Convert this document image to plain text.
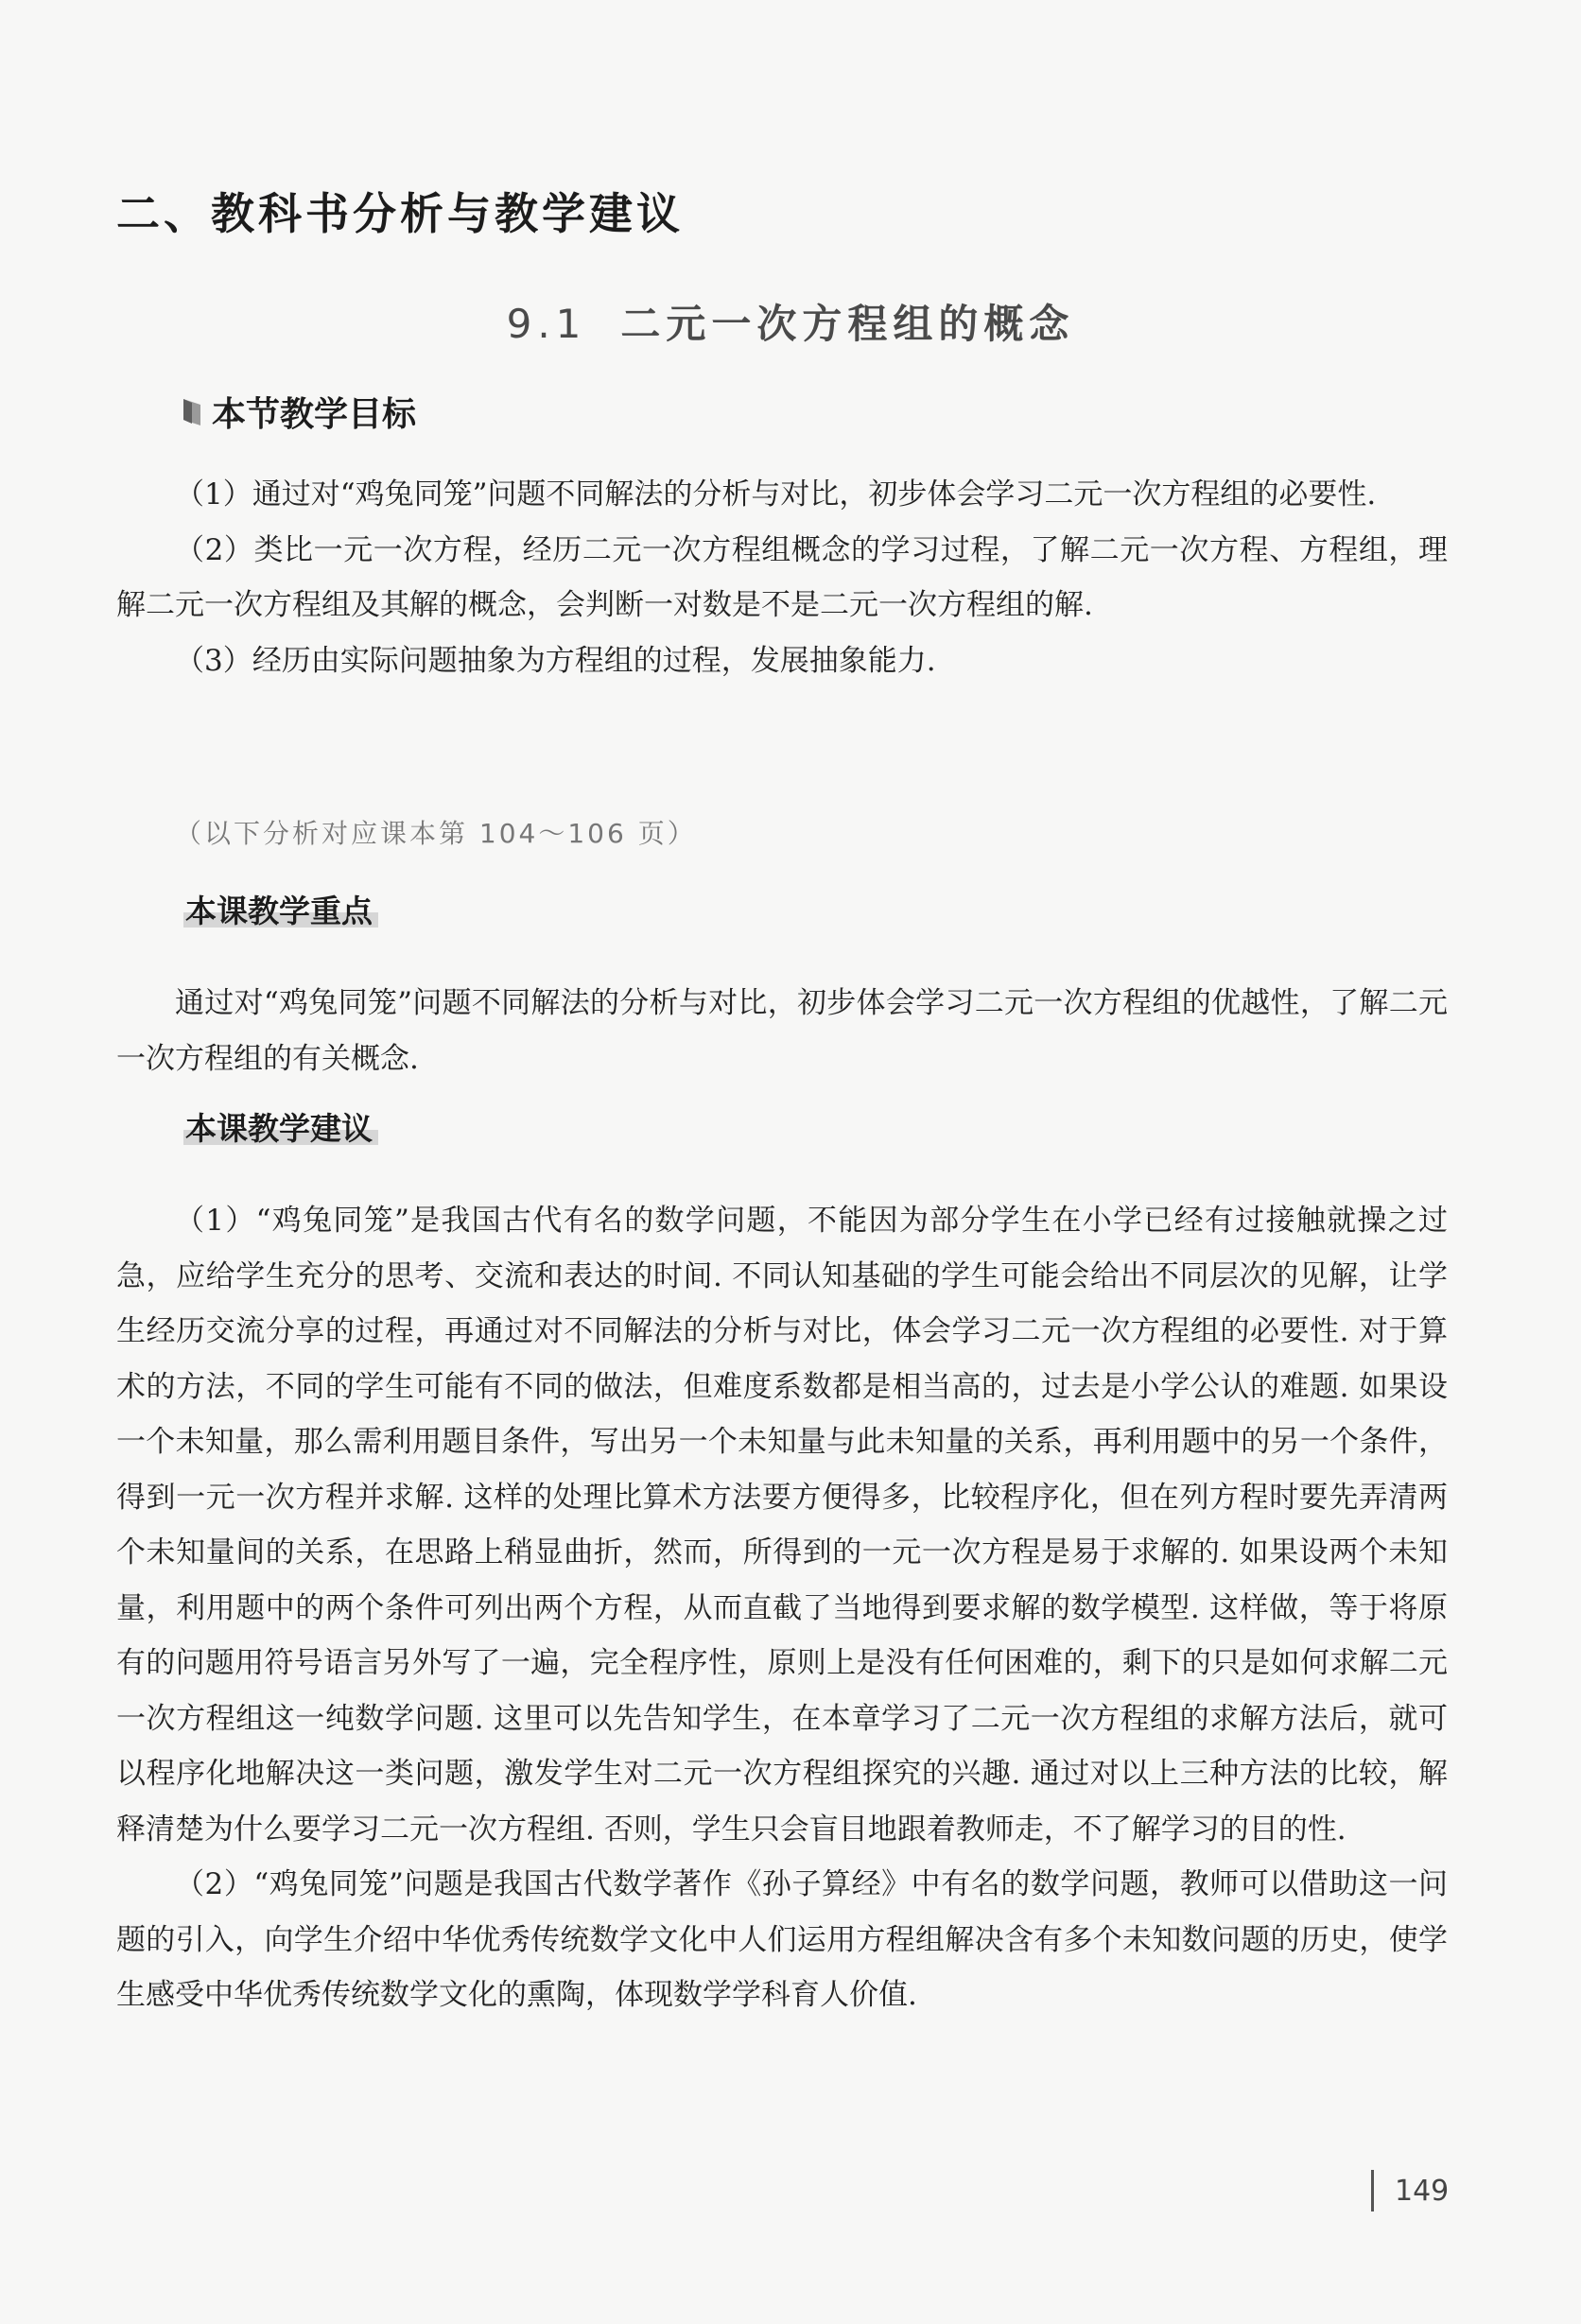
二、教科书分析与教学建议
9.1 二元一次方程组的概念
本节教学目标

（1）通过对“鸡兔同笼”问题不同解法的分析与对比，初步体会学习二元一次方程组的必要性.

（2）类比一元一次方程，经历二元一次方程组概念的学习过程，了解二元一次方程、方程组，理解二元一次方程组及其解的概念，会判断一对数是不是二元一次方程组的解.

（3）经历由实际问题抽象为方程组的过程，发展抽象能力.

（以下分析对应课本第 104～106 页）
本课教学重点

通过对“鸡兔同笼”问题不同解法的分析与对比，初步体会学习二元一次方程组的优越性，了解二元一次方程组的有关概念.

本课教学建议

（1）“鸡兔同笼”是我国古代有名的数学问题，不能因为部分学生在小学已经有过接触就操之过急，应给学生充分的思考、交流和表达的时间. 不同认知基础的学生可能会给出不同层次的见解，让学生经历交流分享的过程，再通过对不同解法的分析与对比，体会学习二元一次方程组的必要性. 对于算术的方法，不同的学生可能有不同的做法，但难度系数都是相当高的，过去是小学公认的难题. 如果设一个未知量，那么需利用题目条件，写出另一个未知量与此未知量的关系，再利用题中的另一个条件，得到一元一次方程并求解. 这样的处理比算术方法要方便得多，比较程序化，但在列方程时要先弄清两个未知量间的关系，在思路上稍显曲折，然而，所得到的一元一次方程是易于求解的. 如果设两个未知量，利用题中的两个条件可列出两个方程，从而直截了当地得到要求解的数学模型. 这样做，等于将原有的问题用符号语言另外写了一遍，完全程序性，原则上是没有任何困难的，剩下的只是如何求解二元一次方程组这一纯数学问题. 这里可以先告知学生，在本章学习了二元一次方程组的求解方法后，就可以程序化地解决这一类问题，激发学生对二元一次方程组探究的兴趣. 通过对以上三种方法的比较，解释清楚为什么要学习二元一次方程组. 否则，学生只会盲目地跟着教师走，不了解学习的目的性.

（2）“鸡兔同笼”问题是我国古代数学著作《孙子算经》中有名的数学问题，教师可以借助这一问题的引入，向学生介绍中华优秀传统数学文化中人们运用方程组解决含有多个未知数问题的历史，使学生感受中华优秀传统数学文化的熏陶，体现数学学科育人价值.

149
